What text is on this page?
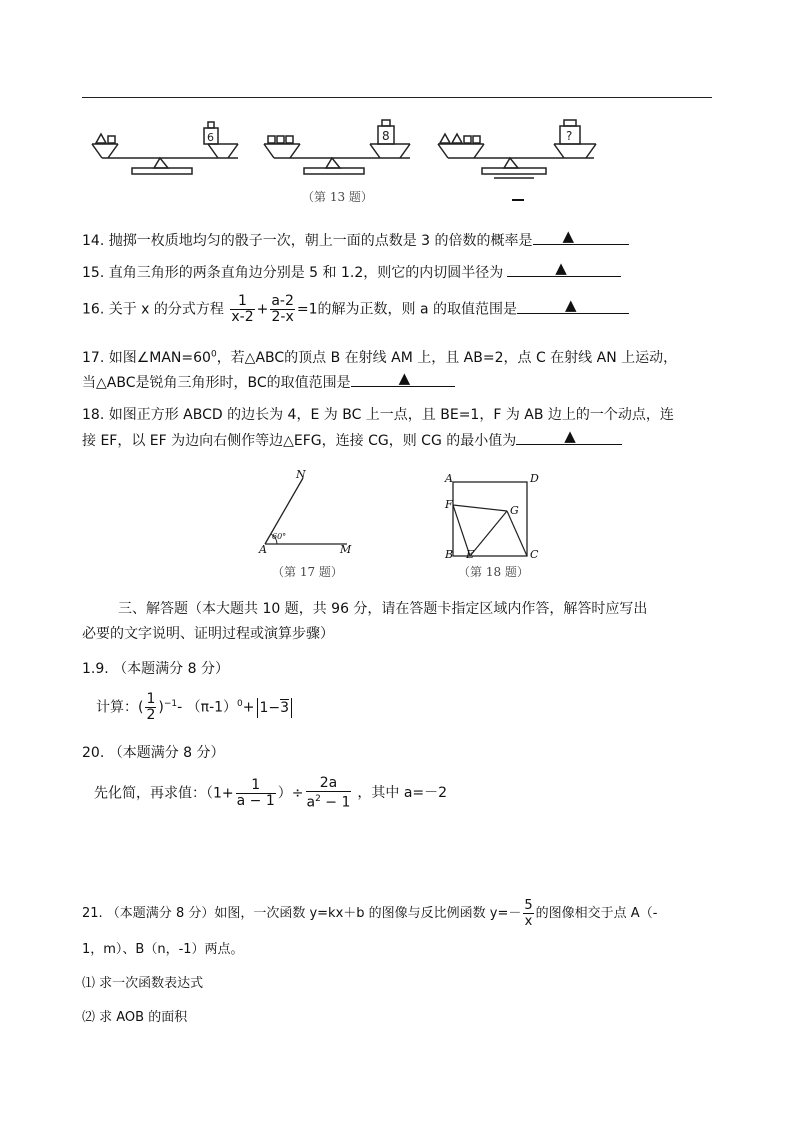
6	8	?
（第 13 题）
14. 抛掷一枚质地均匀的骰子一次，朝上一面的点数是 3 的倍数的概率是 ▲
15. 直角三角形的两条直角边分别是 5 和 1.2，则它的内切圆半径为	▲
16. 关于 x 的分式方程 $\frac{1}{x-2} + \frac{a-2}{2-x} =1$的解为正数，则 a 的取值范围是	▲
17. 如图$\angle MAN=60^0$，若△ABC的顶点 B 在射线 AM 上，且 AB=2，点 C 在射线 AN 上运动，
当△ABC是锐角三角形时，BC的取值范围是	▲
18. 如图正方形 ABCD 的边长为 4，E 为 BC 上一点，且 BE=1，F 为 AB 边上的一个动点，连
接 EF，以 EF 为边向右侧作等边△EFG，连接 CG，则 CG 的最小值为	▲
N
A	M
60°
（第 17 题）
A	D
F	G
B E	C
（第 18 题）
三、解答题（本大题共 10 题，共 96 分，请在答题卡指定区域内作答，解答时应写出
必要的文字说明、证明过程或演算步骤）
1.9. （本题满分 8 分）
计算：( $\frac{1}{2} )^{-1}-$ $(\pi-1)^0+ 1-3$
20. （本题满分 8 分）
先化简，再求值：（$1+ \frac{1}{a - 1}$ ）÷ $\frac{2a}{a^2 - 1}$ ，其中 a=－2
21. （本题满分 8 分）如图，一次函数 y=kx＋b 的图像与反比例函数 $y=- \frac{5}{x}$ 的图像相交于点 A（-
1，m）、B（n，-1）两点。
⑴ 求一次函数表达式
⑵ 求 AOB 的面积
